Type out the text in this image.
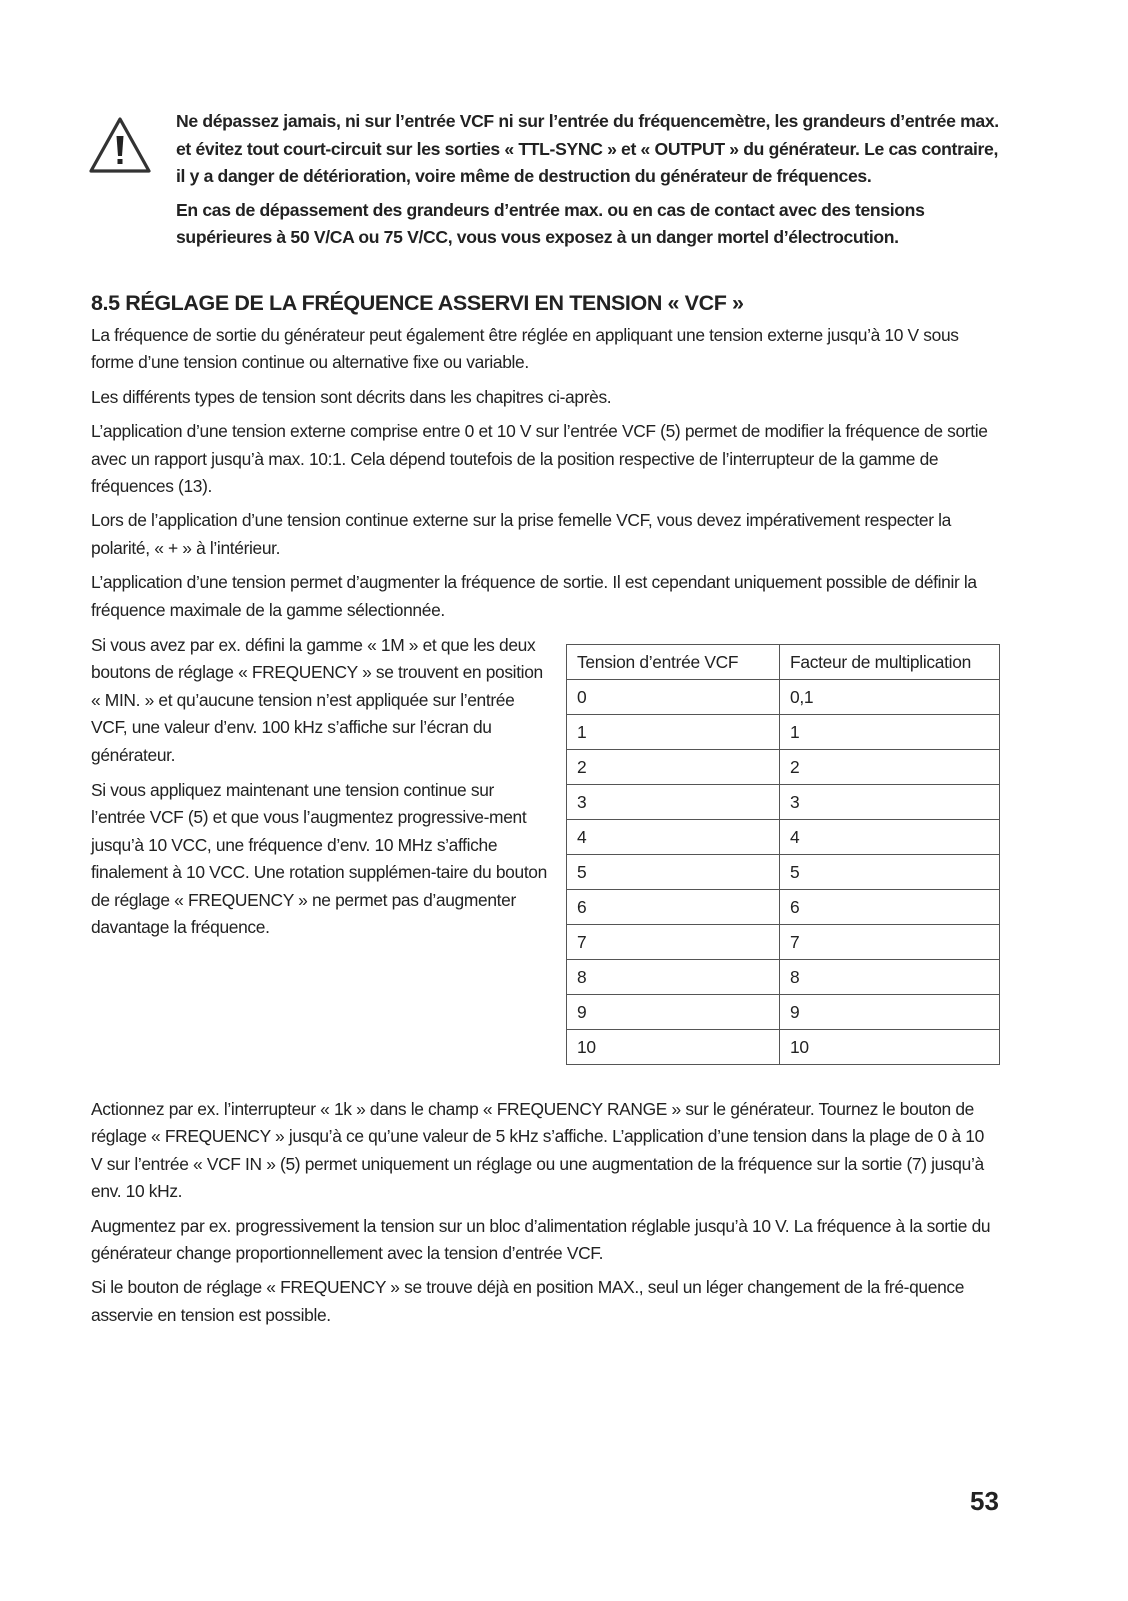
Ne dépassez jamais, ni sur l’entrée VCF ni sur l’entrée du fréquencemètre, les grandeurs d’entrée max. et évitez tout court-circuit sur les sorties « TTL-SYNC » et « OUTPUT » du générateur. Le cas contraire, il y a danger de détérioration, voire même de destruction du générateur de fréquences.

En cas de dépassement des grandeurs d’entrée max. ou en cas de contact avec des tensions supérieures à 50 V/CA ou 75 V/CC, vous vous exposez à un danger mortel d’électrocution.

8.5 RÉGLAGE DE LA FRÉQUENCE ASSERVI EN TENSION « VCF »

La fréquence de sortie du générateur peut également être réglée en appliquant une tension externe jusqu’à 10 V sous forme d’une tension continue ou alternative fixe ou variable.

Les différents types de tension sont décrits dans les chapitres ci-après.

L’application d’une tension externe comprise entre 0 et 10 V sur l’entrée VCF (5) permet de modifier la fréquence de sortie avec un rapport jusqu’à max. 10:1. Cela dépend toutefois de la position respective de l’interrupteur de la gamme de fréquences (13).

Lors de l’application d’une tension continue externe sur la prise femelle VCF, vous devez impérativement respecter la polarité, « + » à l’intérieur.

L’application d’une tension permet d’augmenter la fréquence de sortie. Il est cependant uniquement possible de définir la fréquence maximale de la gamme sélectionnée.

Si vous avez par ex. défini la gamme « 1M » et que les deux boutons de réglage « FREQUENCY » se trouvent en position « MIN. » et qu’aucune tension n’est appliquée sur l’entrée VCF, une valeur d’env. 100 kHz s’affiche sur l’écran du générateur.

Si vous appliquez maintenant une tension continue sur l’entrée VCF (5) et que vous l’augmentez progressive-ment jusqu’à 10 VCC, une fréquence d’env. 10 MHz s’affiche finalement à 10 VCC. Une rotation supplémen-taire du bouton de réglage « FREQUENCY » ne permet pas d’augmenter davantage la fréquence.

Tension d’entrée VCF	Facteur de multiplication
0	0,1
1	1
2	2
3	3
4	4
5	5
6	6
7	7
8	8
9	9
10	10

Actionnez par ex. l’interrupteur « 1k » dans le champ « FREQUENCY RANGE » sur le générateur. Tournez le bouton de réglage « FREQUENCY » jusqu’à ce qu’une valeur de 5 kHz s’affiche. L’application d’une tension dans la plage de 0 à 10 V sur l’entrée « VCF IN » (5) permet uniquement un réglage ou une augmentation de la fréquence sur la sortie (7) jusqu’à env. 10 kHz.

Augmentez par ex. progressivement la tension sur un bloc d’alimentation réglable jusqu’à 10 V. La fréquence à la sortie du générateur change proportionnellement avec la tension d’entrée VCF.

Si le bouton de réglage « FREQUENCY » se trouve déjà en position MAX., seul un léger changement de la fré-quence asservie en tension est possible.

53
